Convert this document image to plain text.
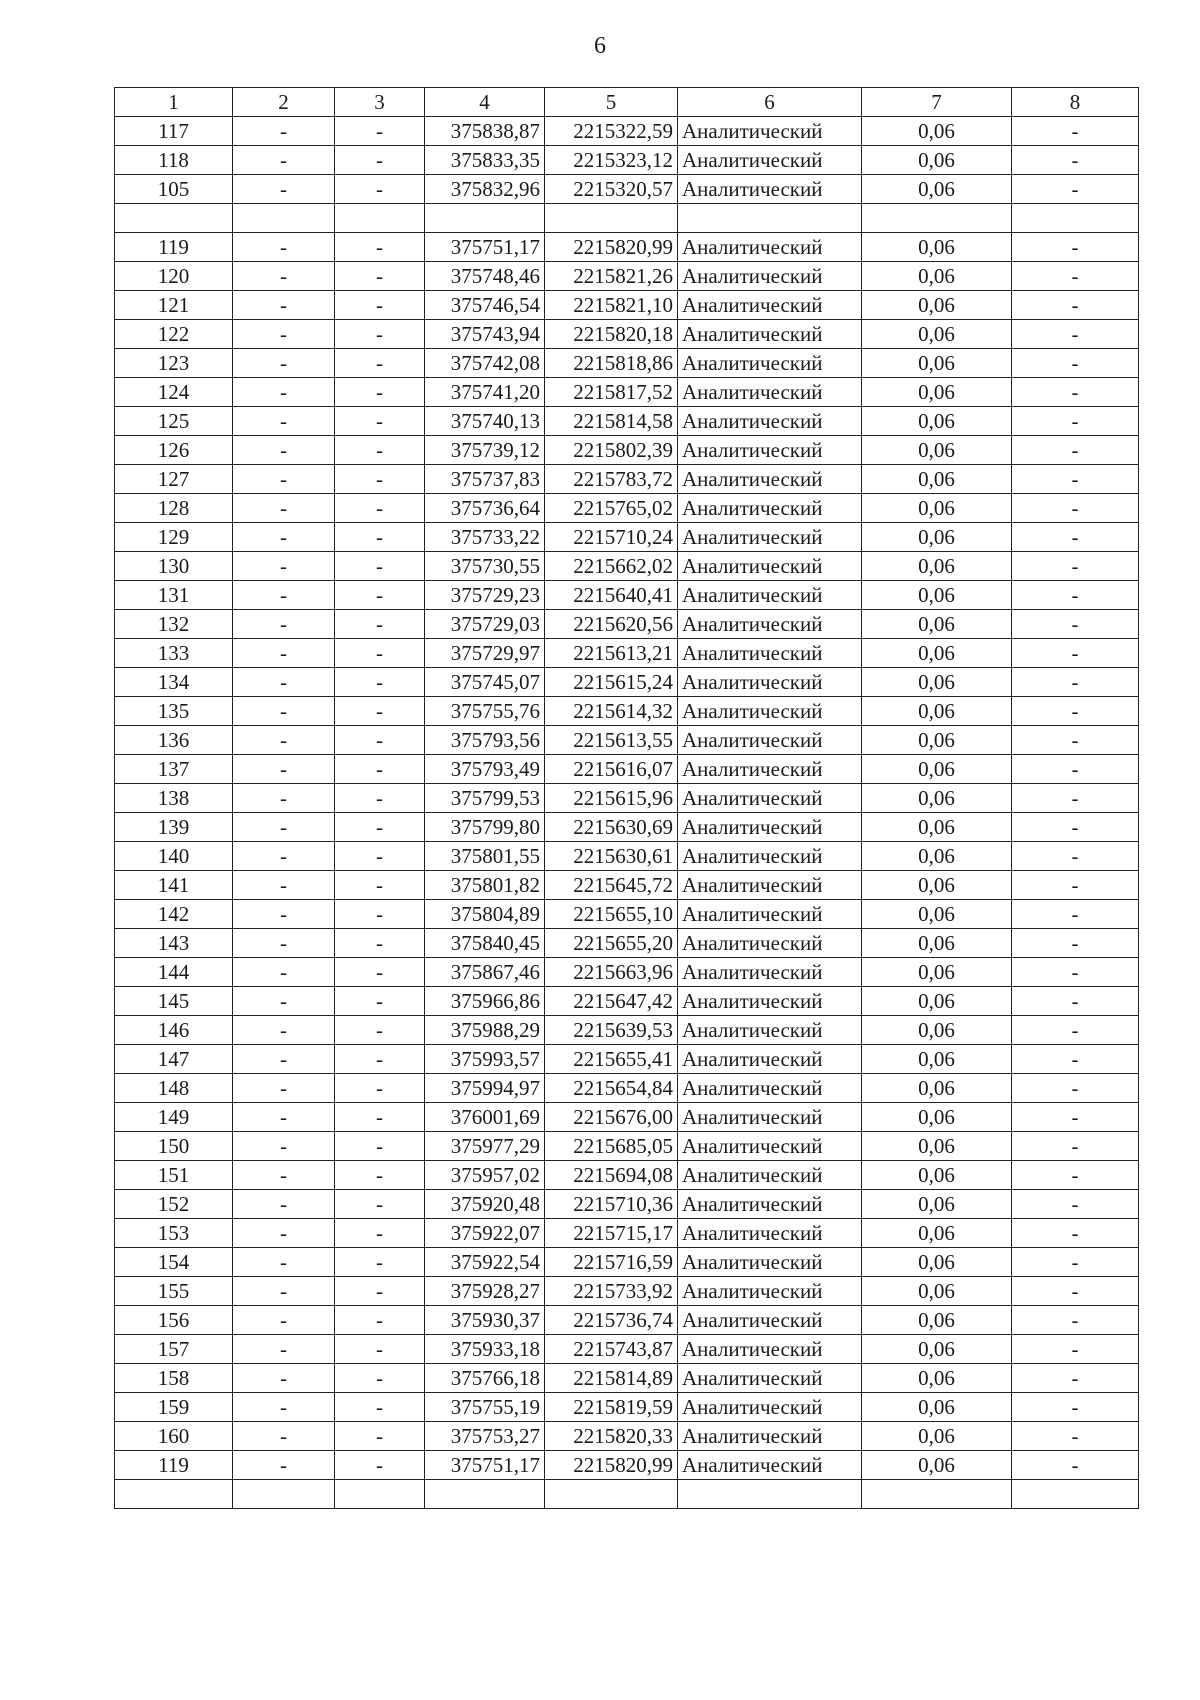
6
1	2	3	4	5	6	7	8
117	-	-	375838,87	2215322,59	Аналитический	0,06	-
118	-	-	375833,35	2215323,12	Аналитический	0,06	-
105	-	-	375832,96	2215320,57	Аналитический	0,06	-

119	-	-	375751,17	2215820,99	Аналитический	0,06	-
120	-	-	375748,46	2215821,26	Аналитический	0,06	-
121	-	-	375746,54	2215821,10	Аналитический	0,06	-
122	-	-	375743,94	2215820,18	Аналитический	0,06	-
123	-	-	375742,08	2215818,86	Аналитический	0,06	-
124	-	-	375741,20	2215817,52	Аналитический	0,06	-
125	-	-	375740,13	2215814,58	Аналитический	0,06	-
126	-	-	375739,12	2215802,39	Аналитический	0,06	-
127	-	-	375737,83	2215783,72	Аналитический	0,06	-
128	-	-	375736,64	2215765,02	Аналитический	0,06	-
129	-	-	375733,22	2215710,24	Аналитический	0,06	-
130	-	-	375730,55	2215662,02	Аналитический	0,06	-
131	-	-	375729,23	2215640,41	Аналитический	0,06	-
132	-	-	375729,03	2215620,56	Аналитический	0,06	-
133	-	-	375729,97	2215613,21	Аналитический	0,06	-
134	-	-	375745,07	2215615,24	Аналитический	0,06	-
135	-	-	375755,76	2215614,32	Аналитический	0,06	-
136	-	-	375793,56	2215613,55	Аналитический	0,06	-
137	-	-	375793,49	2215616,07	Аналитический	0,06	-
138	-	-	375799,53	2215615,96	Аналитический	0,06	-
139	-	-	375799,80	2215630,69	Аналитический	0,06	-
140	-	-	375801,55	2215630,61	Аналитический	0,06	-
141	-	-	375801,82	2215645,72	Аналитический	0,06	-
142	-	-	375804,89	2215655,10	Аналитический	0,06	-
143	-	-	375840,45	2215655,20	Аналитический	0,06	-
144	-	-	375867,46	2215663,96	Аналитический	0,06	-
145	-	-	375966,86	2215647,42	Аналитический	0,06	-
146	-	-	375988,29	2215639,53	Аналитический	0,06	-
147	-	-	375993,57	2215655,41	Аналитический	0,06	-
148	-	-	375994,97	2215654,84	Аналитический	0,06	-
149	-	-	376001,69	2215676,00	Аналитический	0,06	-
150	-	-	375977,29	2215685,05	Аналитический	0,06	-
151	-	-	375957,02	2215694,08	Аналитический	0,06	-
152	-	-	375920,48	2215710,36	Аналитический	0,06	-
153	-	-	375922,07	2215715,17	Аналитический	0,06	-
154	-	-	375922,54	2215716,59	Аналитический	0,06	-
155	-	-	375928,27	2215733,92	Аналитический	0,06	-
156	-	-	375930,37	2215736,74	Аналитический	0,06	-
157	-	-	375933,18	2215743,87	Аналитический	0,06	-
158	-	-	375766,18	2215814,89	Аналитический	0,06	-
159	-	-	375755,19	2215819,59	Аналитический	0,06	-
160	-	-	375753,27	2215820,33	Аналитический	0,06	-
119	-	-	375751,17	2215820,99	Аналитический	0,06	-
